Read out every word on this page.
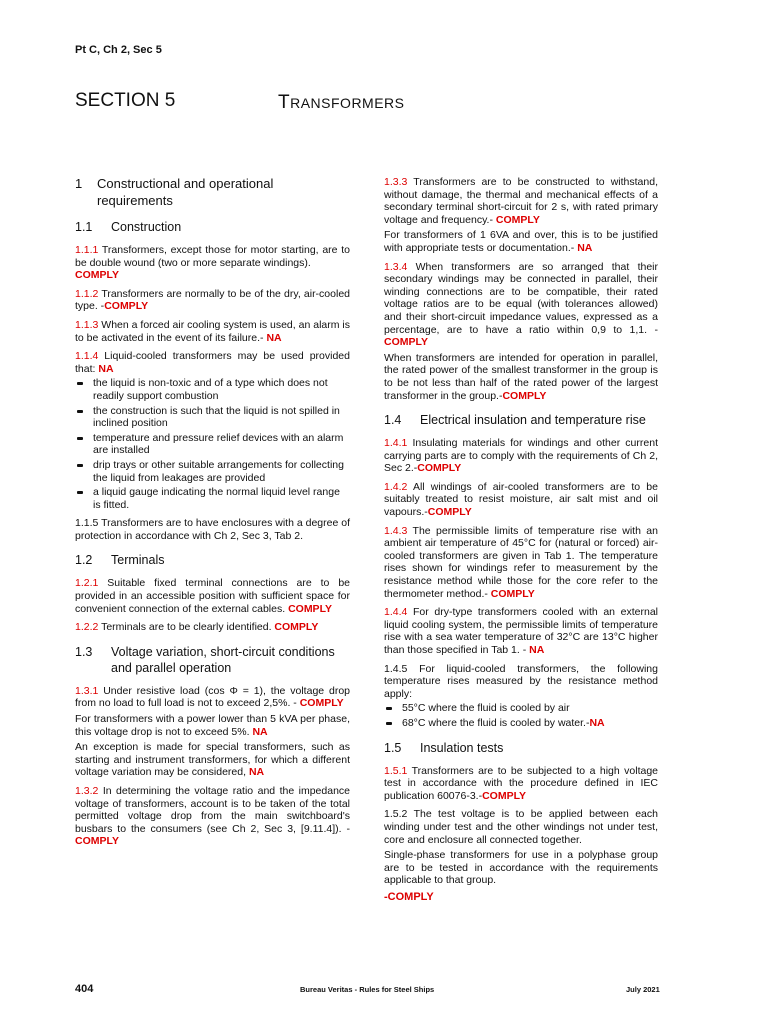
Pt C, Ch 2, Sec 5
SECTION 5	TRANSFORMERS
1	Constructional and operational requirements
1.1	Construction

1.1.1 Transformers, except those for motor starting, are to be double wound (two or more separate windings).
COMPLY

1.1.2 Transformers are normally to be of the dry, air-cooled type. -COMPLY

1.1.3 When a forced air cooling system is used, an alarm is to be activated in the event of its failure.- NA

1.1.4 Liquid-cooled transformers may be used provided that: NA

the liquid is non-toxic and of a type which does not readily support combustion
the construction is such that the liquid is not spilled in inclined position
temperature and pressure relief devices with an alarm are installed
drip trays or other suitable arrangements for collecting the liquid from leakages are provided
a liquid gauge indicating the normal liquid level range is fitted.

1.1.5 Transformers are to have enclosures with a degree of protection in accordance with Ch 2, Sec 3, Tab 2.

1.2	Terminals

1.2.1 Suitable fixed terminal connections are to be provided in an accessible position with sufficient space for convenient connection of the external cables. COMPLY

1.2.2 Terminals are to be clearly identified. COMPLY

1.3	Voltage variation, short-circuit conditions and parallel operation

1.3.1 Under resistive load (cos Φ = 1), the voltage drop from no load to full load is not to exceed 2,5%. - COMPLY

For transformers with a power lower than 5 kVA per phase, this voltage drop is not to exceed 5%. NA

An exception is made for special transformers, such as starting and instrument transformers, for which a different voltage variation may be considered, NA

1.3.2 In determining the voltage ratio and the impedance voltage of transformers, account is to be taken of the total permitted voltage drop from the main switchboard's busbars to the consumers (see Ch 2, Sec 3, [9.11.4]). - COMPLY

1.3.3 Transformers are to be constructed to withstand, without damage, the thermal and mechanical effects of a secondary terminal short-circuit for 2 s, with rated primary voltage and frequency.- COMPLY

For transformers of 1 6VA and over, this is to be justified with appropriate tests or documentation.- NA

1.3.4 When transformers are so arranged that their secondary windings may be connected in parallel, their winding connections are to be compatible, their rated voltage ratios are to be equal (with tolerances allowed) and their short-circuit impedance values, expressed as a percentage, are to have a ratio within 0,9 to 1,1. - COMPLY

When transformers are intended for operation in parallel, the rated power of the smallest transformer in the group is to be not less than half of the rated power of the largest transformer in the group.-COMPLY

1.4	Electrical insulation and temperature rise

1.4.1 Insulating materials for windings and other current carrying parts are to comply with the requirements of Ch 2, Sec 2.-COMPLY

1.4.2 All windings of air-cooled transformers are to be suitably treated to resist moisture, air salt mist and oil vapours.-COMPLY

1.4.3 The permissible limits of temperature rise with an ambient air temperature of 45°C for (natural or forced) air-cooled transformers are given in Tab 1. The temperature rises shown for windings refer to measurement by the resistance method while those for the core refer to the thermometer method.- COMPLY

1.4.4 For dry-type transformers cooled with an external liquid cooling system, the permissible limits of temperature rise with a sea water temperature of 32°C are 13°C higher than those specified in Tab 1. - NA

1.4.5 For liquid-cooled transformers, the following temperature rises measured by the resistance method apply:

55°C where the fluid is cooled by air
68°C where the fluid is cooled by water.-NA
1.5	Insulation tests

1.5.1 Transformers are to be subjected to a high voltage test in accordance with the procedure defined in IEC publication 60076-3.-COMPLY

1.5.2 The test voltage is to be applied between each winding under test and the other windings not under test, core and enclosure all connected together.

Single-phase transformers for use in a polyphase group are to be tested in accordance with the requirements applicable to that group.

-COMPLY

404	Bureau Veritas - Rules for Steel Ships	July 2021
